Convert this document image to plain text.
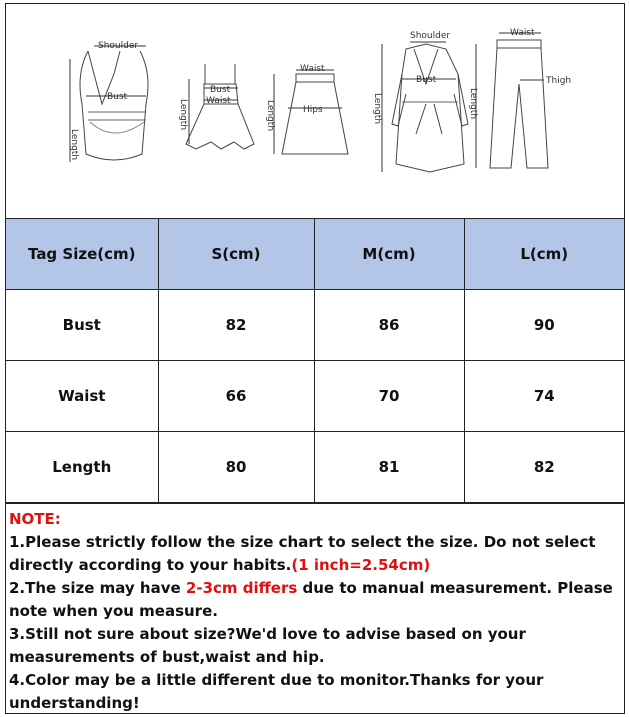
Shoulder
Bust
Length
Bust
Waist
Length
Waist
Hips
Length
Shoulder
Bust
Length
Waist
Thigh
Length
Tag Size(cm)	S(cm)	M(cm)	L(cm)
Bust	82	86	90
Waist	66	70	74
Length	80	81	82

NOTE:

1.Please strictly follow the size chart to select the size. Do not select directly according to your habits.(1 inch=2.54cm)

2.The size may have 2-3cm differs due to manual measurement. Please note when you measure.

3.Still not sure about size?We'd love to advise based on your measurements of bust,waist and hip.

4.Color may be a little different due to monitor.Thanks for your understanding!
